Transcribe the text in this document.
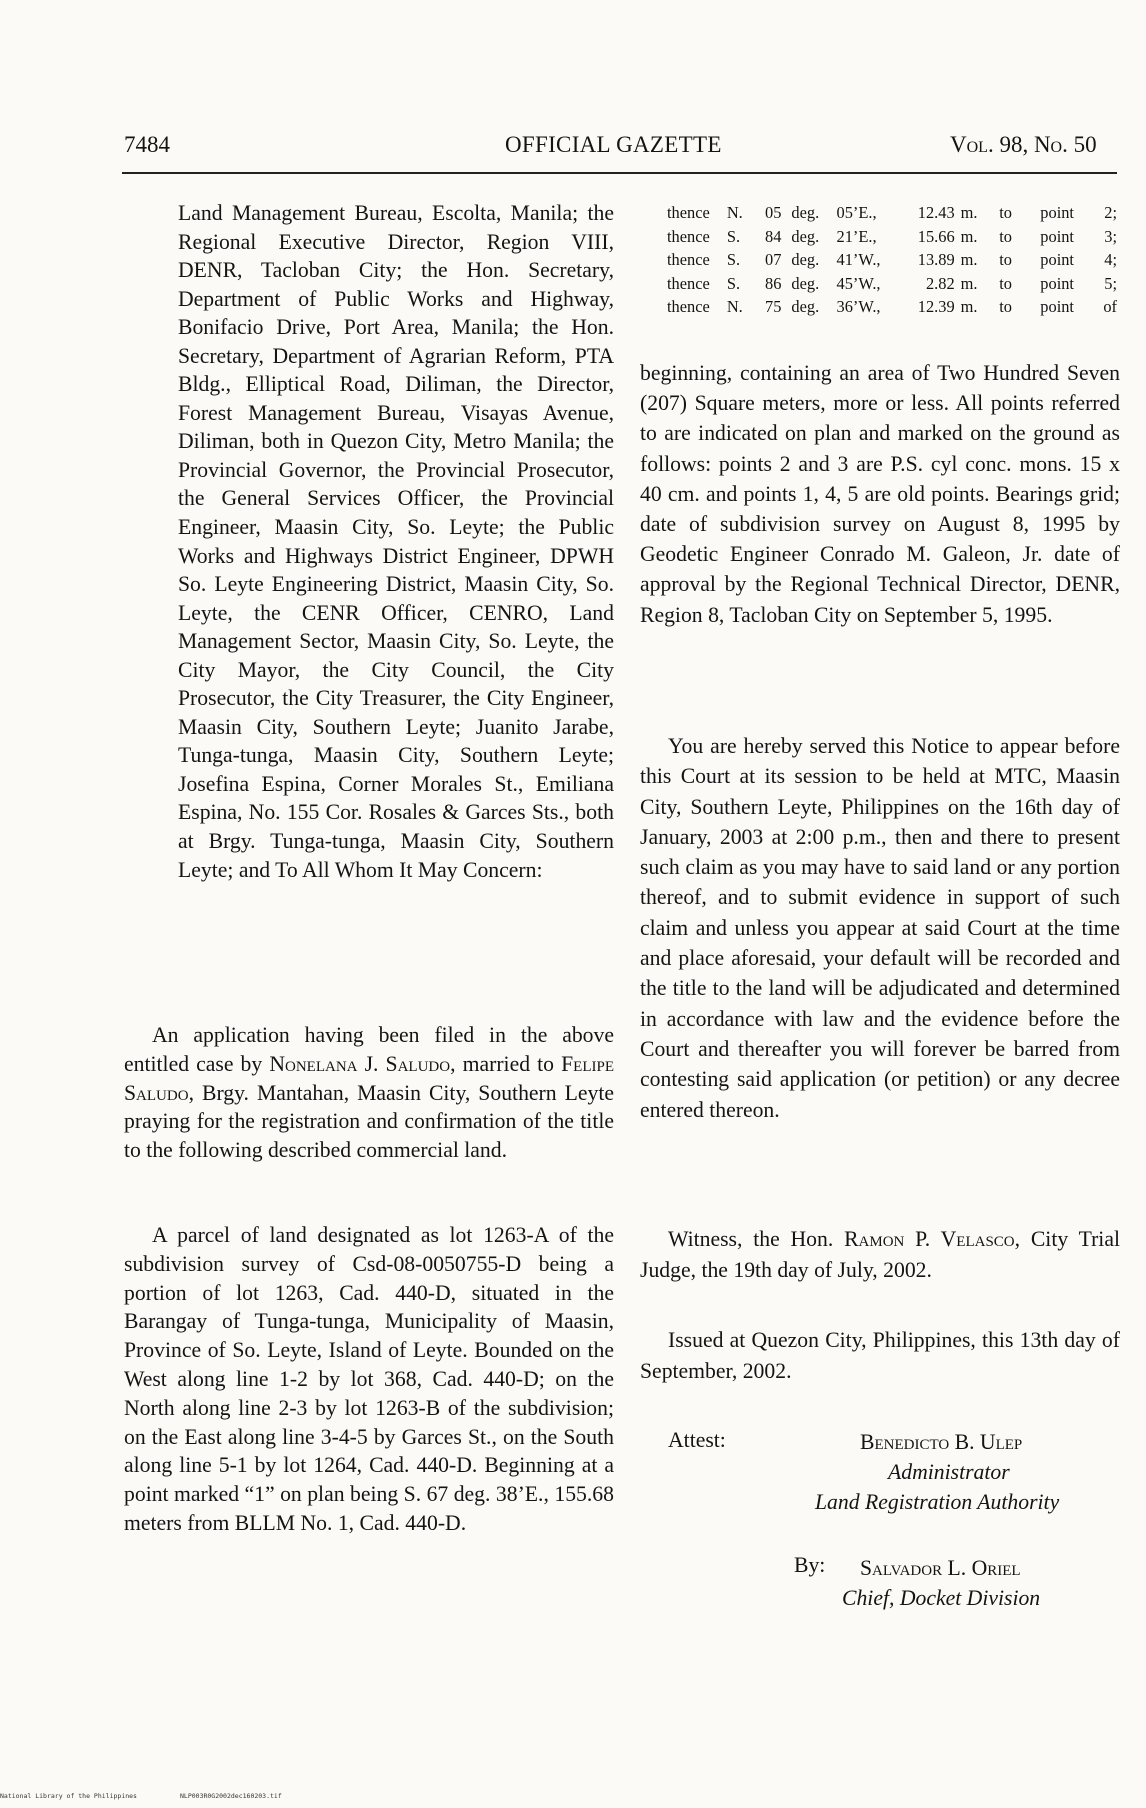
7484	OFFICIAL GAZETTE	Vol. 98, No. 50

Land Management Bureau, Escolta, Manila; the Regional Executive Director, Region VIII, DENR, Tacloban City; the Hon. Secretary, Department of Public Works and Highway, Bonifacio Drive, Port Area, Manila; the Hon. Secretary, Department of Agrarian Reform, PTA Bldg., Elliptical Road, Diliman, the Director, Forest Management Bureau, Visayas Avenue, Diliman, both in Quezon City, Metro Manila; the Provincial Governor, the Provincial Prosecutor, the General Services Officer, the Provincial Engineer, Maasin City, So. Leyte; the Public Works and Highways District Engineer, DPWH So. Leyte Engineering District, Maasin City, So. Leyte, the CENR Officer, CENRO, Land Management Sector, Maasin City, So. Leyte, the City Mayor, the City Council, the City Prosecutor, the City Treasurer, the City Engineer, Maasin City, Southern Leyte; Juanito Jarabe, Tunga-tunga, Maasin City, Southern Leyte; Josefina Espina, Corner Morales St., Emiliana Espina, No. 155 Cor. Rosales & Garces Sts., both at Brgy. Tunga-tunga, Maasin City, Southern Leyte; and To All Whom It May Concern:

An application having been filed in the above entitled case by Nonelana J. Saludo, married to Felipe Saludo, Brgy. Mantahan, Maasin City, Southern Leyte praying for the registration and confirmation of the title to the following described commercial land.

A parcel of land designated as lot 1263-A of the subdivision survey of Csd-08-0050755-D being a portion of lot 1263, Cad. 440-D, situated in the Barangay of Tunga-tunga, Municipality of Maasin, Province of So. Leyte, Island of Leyte. Bounded on the West along line 1-2 by lot 368, Cad. 440-D; on the North along line 2-3 by lot 1263-B of the subdivision; on the East along line 3-4-5 by Garces St., on the South along line 5-1 by lot 1264, Cad. 440-D. Beginning at a point marked “1” on plan being S. 67 deg. 38’E., 155.68 meters from BLLM No. 1, Cad. 440-D.

thence	N.	05	deg.	05’E.,	12.43	m.	to	point	2;
thence	S.	84	deg.	21’E.,	15.66	m.	to	point	3;
thence	S.	07	deg.	41’W.,	13.89	m.	to	point	4;
thence	S.	86	deg.	45’W.,	2.82	m.	to	point	5;
thence	N.	75	deg.	36’W.,	12.39	m.	to	point	of

beginning, containing an area of Two Hundred Seven (207) Square meters, more or less. All points referred to are indicated on plan and marked on the ground as follows: points 2 and 3 are P.S. cyl conc. mons. 15 x 40 cm. and points 1, 4, 5 are old points. Bearings grid; date of subdivision survey on August 8, 1995 by Geodetic Engineer Conrado M. Galeon, Jr. date of approval by the Regional Technical Director, DENR, Region 8, Tacloban City on September 5, 1995.

You are hereby served this Notice to appear before this Court at its session to be held at MTC, Maasin City, Southern Leyte, Philippines on the 16th day of January, 2003 at 2:00 p.m., then and there to present such claim as you may have to said land or any portion thereof, and to submit evidence in support of such claim and unless you appear at said Court at the time and place aforesaid, your default will be recorded and the title to the land will be adjudicated and determined in accordance with law and the evidence before the Court and thereafter you will forever be barred from contesting said application (or petition) or any decree entered thereon.

Witness, the Hon. Ramon P. Velasco, City Trial Judge, the 19th day of July, 2002.

Issued at Quezon City, Philippines, this 13th day of September, 2002.

Attest:	Benedicto B. Ulep
Administrator
Land Registration Authority
By: Salvador L. Oriel
Chief, Docket Division
National Library of the Philippines	NLP003R0G2002dec160203.tif
